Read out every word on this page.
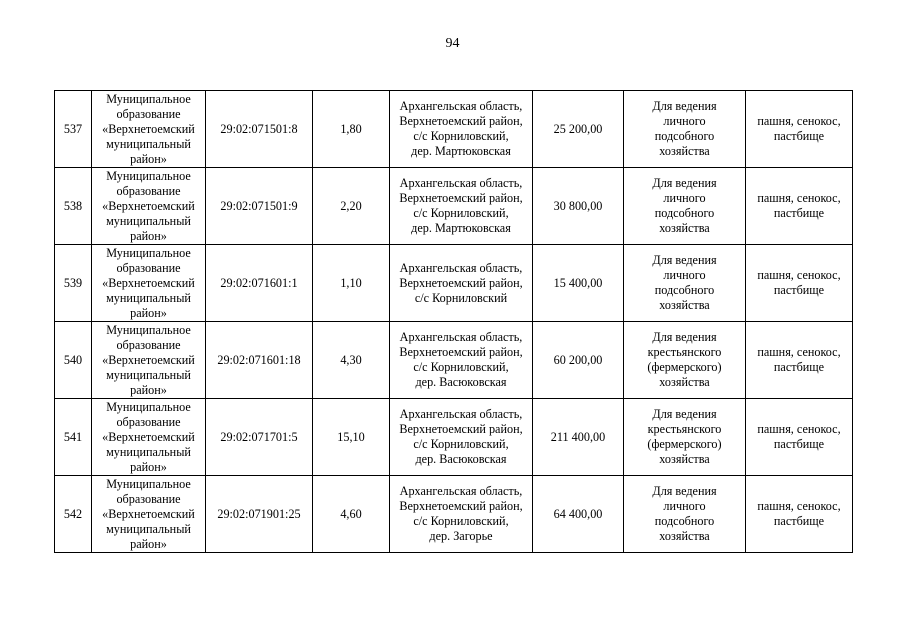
94
537	Муниципальное
образование
«Верхнетоемский
муниципальный
район»	29:02:071501:8	1,80	Архангельская область,
Верхнетоемский район,
с/с Корниловский,
дер. Мартюковская	25 200,00	Для ведения
личного
подсобного
хозяйства	пашня, сенокос,
пастбище
538	Муниципальное
образование
«Верхнетоемский
муниципальный
район»	29:02:071501:9	2,20	Архангельская область,
Верхнетоемский район,
с/с Корниловский,
дер. Мартюковская	30 800,00	Для ведения
личного
подсобного
хозяйства	пашня, сенокос,
пастбище
539	Муниципальное
образование
«Верхнетоемский
муниципальный
район»	29:02:071601:1	1,10	Архангельская область,
Верхнетоемский район,
с/с Корниловский	15 400,00	Для ведения
личного
подсобного
хозяйства	пашня, сенокос,
пастбище
540	Муниципальное
образование
«Верхнетоемский
муниципальный
район»	29:02:071601:18	4,30	Архангельская область,
Верхнетоемский район,
с/с Корниловский,
дер. Васюковская	60 200,00	Для ведения
крестьянского
(фермерского)
хозяйства	пашня, сенокос,
пастбище
541	Муниципальное
образование
«Верхнетоемский
муниципальный
район»	29:02:071701:5	15,10	Архангельская область,
Верхнетоемский район,
с/с Корниловский,
дер. Васюковская	211 400,00	Для ведения
крестьянского
(фермерского)
хозяйства	пашня, сенокос,
пастбище
542	Муниципальное
образование
«Верхнетоемский
муниципальный
район»	29:02:071901:25	4,60	Архангельская область,
Верхнетоемский район,
с/с Корниловский,
дер. Загорье	64 400,00	Для ведения
личного
подсобного
хозяйства	пашня, сенокос,
пастбище
